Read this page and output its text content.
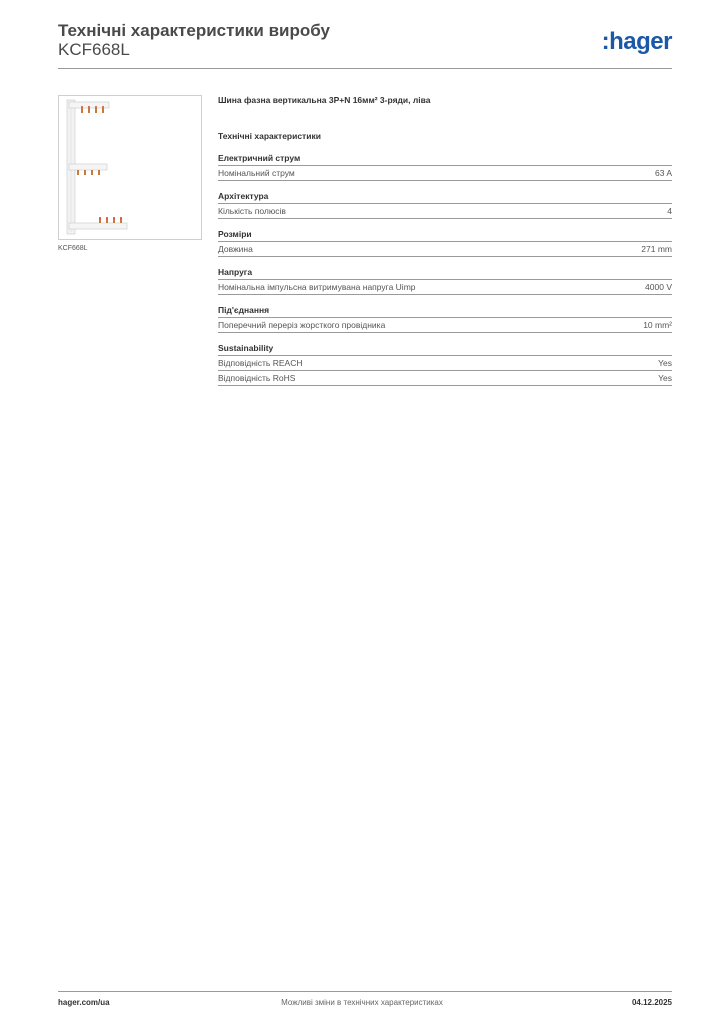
Технічні характеристики виробу
KCF668L	:hager
KCF668L
Шина фазна вертикальна 3P+N 16мм² 3-ряди, ліва
Технічні характеристики
Електричний струм
Номінальний струм	63 A
Архітектура
Кількість полюсів	4
Розміри
Довжина	271 mm
Напруга
Номінальна імпульсна витримувана напруга Uimp	4000 V
Під'єднання
Поперечний переріз жорсткого провідника	10 mm²
Sustainability
Відповідність REACH	Yes
Відповідність RoHS	Yes
hager.com/ua	Можливі зміни в технічних характеристиках	04.12.2025
